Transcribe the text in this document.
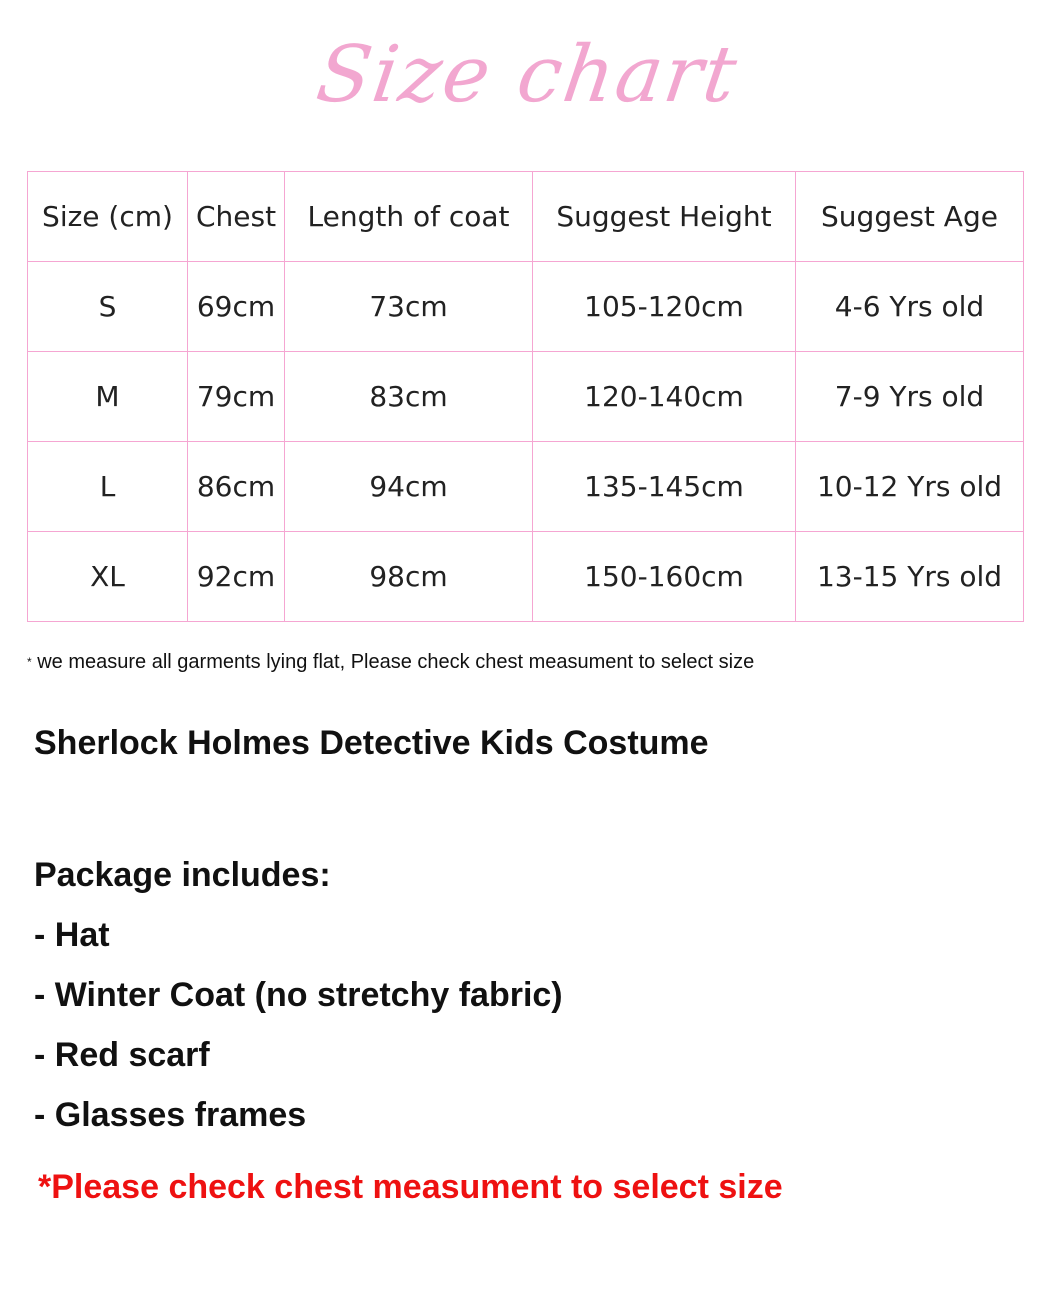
Size chart
Size (cm)	Chest	Length of coat	Suggest Height	Suggest Age
S	69cm	73cm	105-120cm	4-6 Yrs old
M	79cm	83cm	120-140cm	7-9 Yrs old
L	86cm	94cm	135-145cm	10-12 Yrs old
XL	92cm	98cm	150-160cm	13-15 Yrs old
* we measure all garments lying flat, Please check chest measument to select size
Sherlock Holmes Detective Kids Costume
Package includes:
- Hat
- Winter Coat (no stretchy fabric)
- Red scarf
- Glasses frames
*Please check chest measument to select size
